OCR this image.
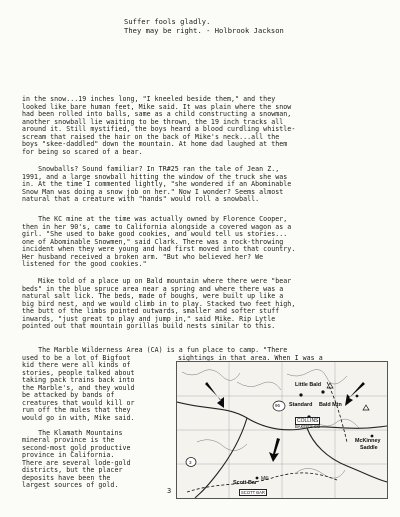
Suffer fools gladly.
They may be right. - Holbrook Jackson
in the snow...19 inches long, "I kneeled beside them," and they
looked like bare human feet, Mike said. It was plain where the snow
had been rolled into balls, same as a child constructing a snowman,
another snowball lie waiting to be thrown, the 19 inch tracks all
around it. Still mystified, the boys heard a blood curdling whistle-
scream that raised the hair on the back of Mike's neck...all the
boys "skee-daddled" down the mountain. At home dad laughed at them
for being so scared of a bear.
Snowballs? Sound familiar? In TR#25 ran the tale of Jean Z.,
1991, and a large snowball hitting the window of the truck she was
in. At the time I commented lightly, "she wondered if an Abominable
Snow Man was doing a snow job on her." Now I wonder? Seems almost
natural that a creature with "hands" would roll a snowball.
The KC mine at the time was actually owned by Florence Cooper,
then in her 90's, came to California alongside a covered wagon as a
girl. "She used to bake good cookies, and would tell us stories...
one of Abominable Snowmen," said Clark. There was a rock-throwing
incident when they were young and had first moved into that country.
Her husband received a broken arm. "But who believed her? We
listened for the good cookies."
Mike told of a place up on Bald mountain where there were "bear
beds" in the blue spruce area near a spring and where there was a
natural salt lick. The beds, made of boughs, were built up like a
big bird nest, and we would climb in to play. Stacked two feet high,
the butt of the limbs pointed outwards, smaller and softer stuff
inwards, "just great to play and jump in," said Mike. Rip Lytle
pointed out that mountain gorillas build nests similar to this.
The Marble Wilderness Area (CA) is a fun place to camp. "There
sightings in that area. When I was a
used to be a lot of Bigfoot
kid there were all kinds of
stories, people talked about
taking pack trains back into
the Marble's, and they would
be attacked by bands of
creatures that would kill or
run off the mules that they
would go in with, Mike said.

The Klamath Mountains
mineral province is the
second-most gold productive
province in California.
There are several lode-gold
districts, but the placer
deposits have been the
largest sources of gold.
Little Bald
Standard Bald Mtn
COLLINS
BAKER'S CO
McKinney
Saddle
Mill
Scott Bar
SCOTT BAR
96
3
3
